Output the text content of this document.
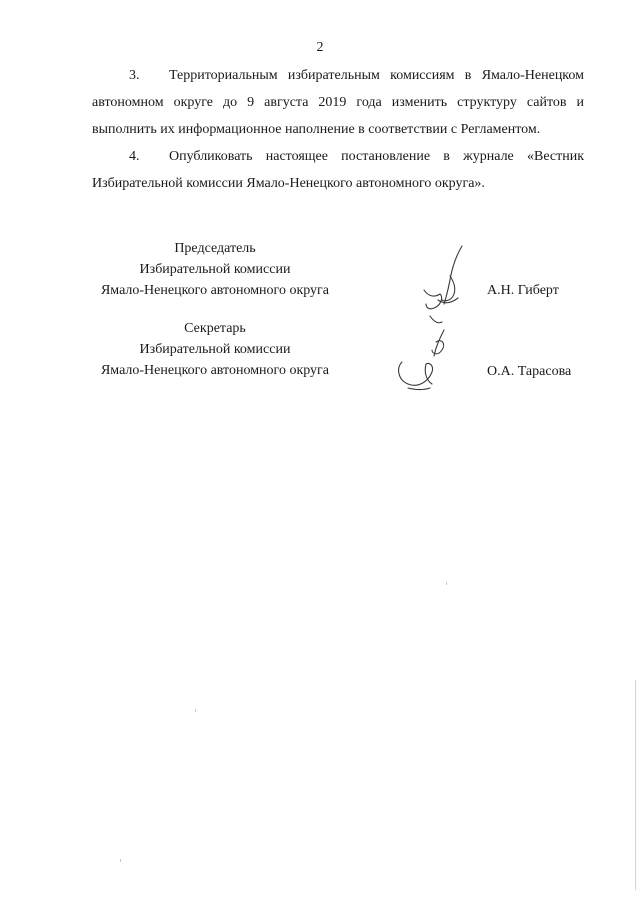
2

3. Территориальным избирательным комиссиям в Ямало-Ненецком автономном округе до 9 августа 2019 года изменить структуру сайтов и выполнить их информационное наполнение в соответствии с Регламентом.

4. Опубликовать настоящее постановление в журнале «Вестник Избирательной комиссии Ямало-Ненецкого автономного округа».

Председатель
Избирательной комиссии
Ямало-Ненецкого автономного округа	А.Н. Гиберт
Секретарь
Избирательной комиссии
Ямало-Ненецкого автономного округа	О.А. Тарасова
